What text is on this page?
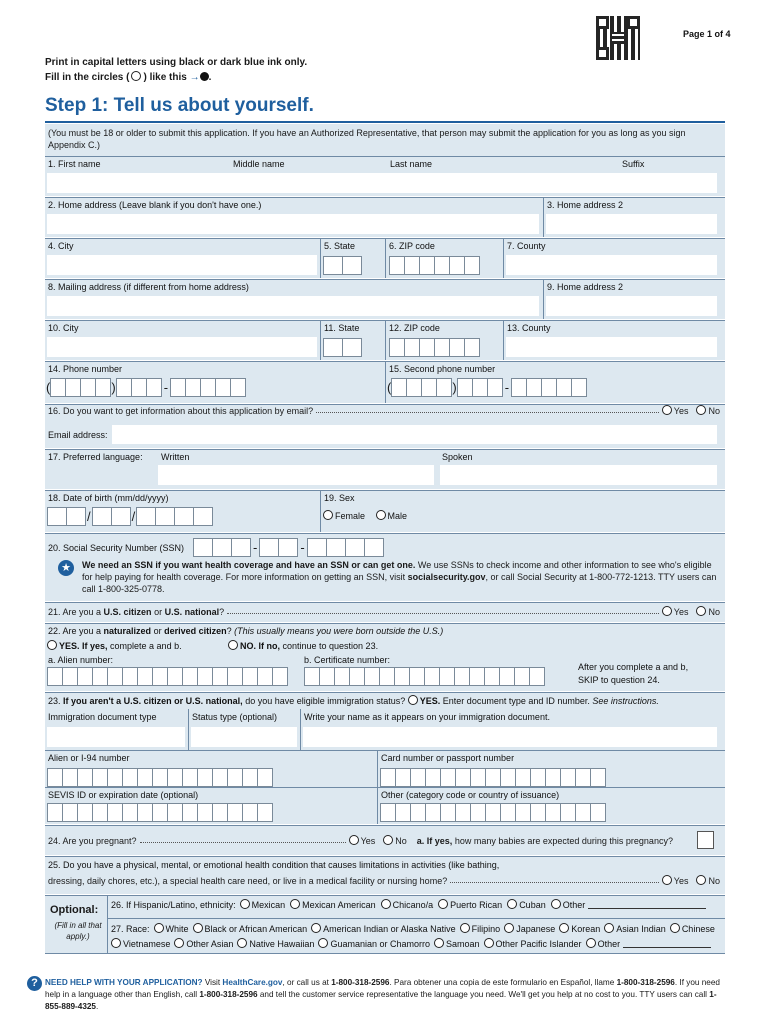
Page 1 of 4
Print in capital letters using black or dark blue ink only.
Fill in the circles ( ) like this → .
Step 1: Tell us about yourself.
(You must be 18 or older to submit this application. If you have an Authorized Representative, that person may submit the application for you as long as you sign Appendix C.)
1. First name	Middle name	Last name	Suffix
2. Home address (Leave blank if you don't have one.)	3. Home address 2
4. City	5. State	6. ZIP code	7. County
8. Mailing address (if different from home address)	9. Home address 2
10. City	11. State	12. ZIP code	13. County
14. Phone number	15. Second phone number
(	)	-	(	)	-
16. Do you want to get information about this application by email?	Yes	No
Email address:
17. Preferred language: Written	Spoken
18. Date of birth (mm/dd/yyyy)	19. Sex
/	/	Female	Male
20. Social Security Number (SSN)	-	-
★	We need an SSN if you want health coverage and have an SSN or can get one. We use SSNs to check income and other information to see who's eligible for help paying for health coverage. For more information on getting an SSN, visit socialsecurity.gov, or call Social Security at 1-800-772-1213. TTY users can call 1-800-325-0778.
21. Are you a U.S. citizen or U.S. national?	Yes	No
22. Are you a naturalized or derived citizen? (This usually means you were born outside the U.S.)
YES. If yes, complete a and b.	NO. If no, continue to question 23.
a. Alien number:	b. Certificate number:
After you complete a and b,
SKIP to question 24.
23. If you aren't a U.S. citizen or U.S. national, do you have eligible immigration status? YES. Enter document type and ID number. See instructions.
Immigration document type	Status type (optional)	Write your name as it appears on your immigration document.
Alien or I-94 number	Card number or passport number
SEVIS ID or expiration date (optional)	Other (category code or country of issuance)
24. Are you pregnant?	Yes	No a. If yes, how many babies are expected during this pregnancy?
25. Do you have a physical, mental, or emotional health condition that causes limitations in activities (like bathing,
dressing, daily chores, etc.), a special health care need, or live in a medical facility or nursing home?	Yes	No
Optional:
(Fill in all that
apply.)
26. If Hispanic/Latino, ethnicity:	Mexican	Mexican American	Chicano/a	Puerto Rican	Cuban	Other
27. Race:	White	Black or African American	American Indian or Alaska Native	Filipino	Japanese	Korean	Asian Indian	Chinese
Vietnamese	Other Asian	Native Hawaiian	Guamanian or Chamorro	Samoan	Other Pacific Islander	Other
? NEED HELP WITH YOUR APPLICATION? Visit HealthCare.gov, or call us at 1-800-318-2596. Para obtener una copia de este formulario en Español, llame 1-800-318-2596. If you need help in a language other than English, call 1-800-318-2596 and tell the customer service representative the language you need. We'll get you help at no cost to you. TTY users can call 1-855-889-4325.
